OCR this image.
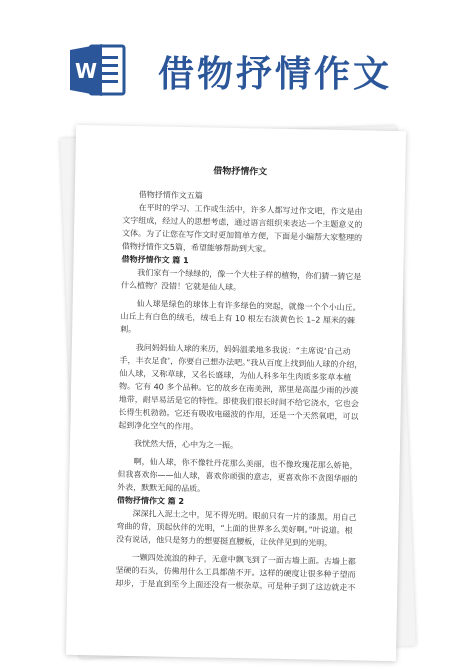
W 借物抒情作文
借物抒情作文

借物抒情作文五篇

在平时的学习、工作或生活中，许多人都写过作文吧，作文是由文字组成，经过人的思想考虑，通过语言组织来表达一个主题意义的文体。为了让您在写作文时更加简单方便，下面是小编帮大家整理的借物抒情作文5篇，希望能够帮助到大家。

借物抒情作文 篇 1

我们家有一个绿绿的，像一个大柱子样的植物，你们猜一猜它是什么植物？没错！它就是仙人球。

仙人球是绿色的球体上有许多绿色的突起，就像一个个小山丘。山丘上有白色的绒毛，绒毛上有 10 根左右淡黄色长 1–2 厘米的棘刺。

我问妈妈仙人球的来历，妈妈温柔地多我说：“主席说‘自己动手，丰衣足食’，你要自己想办法吧。”我从百度上找到仙人球的介绍，仙人球，又称草球，又名长盛球，为仙人科多年生肉质多浆草本植物。它有 40 多个品种。它的故乡在南美洲，那里是高温少雨的沙漠地带，耐旱易活是它的特性。即使我们很长时间不给它浇水，它也会长得生机勃勃。它还有吸收电磁波的作用，还是一个天然氧吧，可以起到净化空气的作用。

我恍然大悟，心中为之一振。

啊，仙人球，你不像牡丹花那么美丽，也不像玫瑰花那么娇艳，但我喜欢你——仙人球，喜欢你顽强的意志，更喜欢你不贪图华丽的外表，默默无闻的品质。

借物抒情作文 篇 2

深深扎入泥土之中，见不得光明。眼前只有一片的漆黑。用自己弯曲的背，顶起伙伴的光明，“上面的世界多么美好啊。”叶说道。根没有说话，他只是努力的想要挺直腰板，让伙伴见到的光明。

一颗四处流浪的种子，无意中飘飞到了一面古墙上面。古墙上都坚硬的石头，仿佛用什么工具都凿不开。这样的硬度让很多种子望而却步，于是直到至今上面还没有一根杂草。可是种子到了这边就走不
